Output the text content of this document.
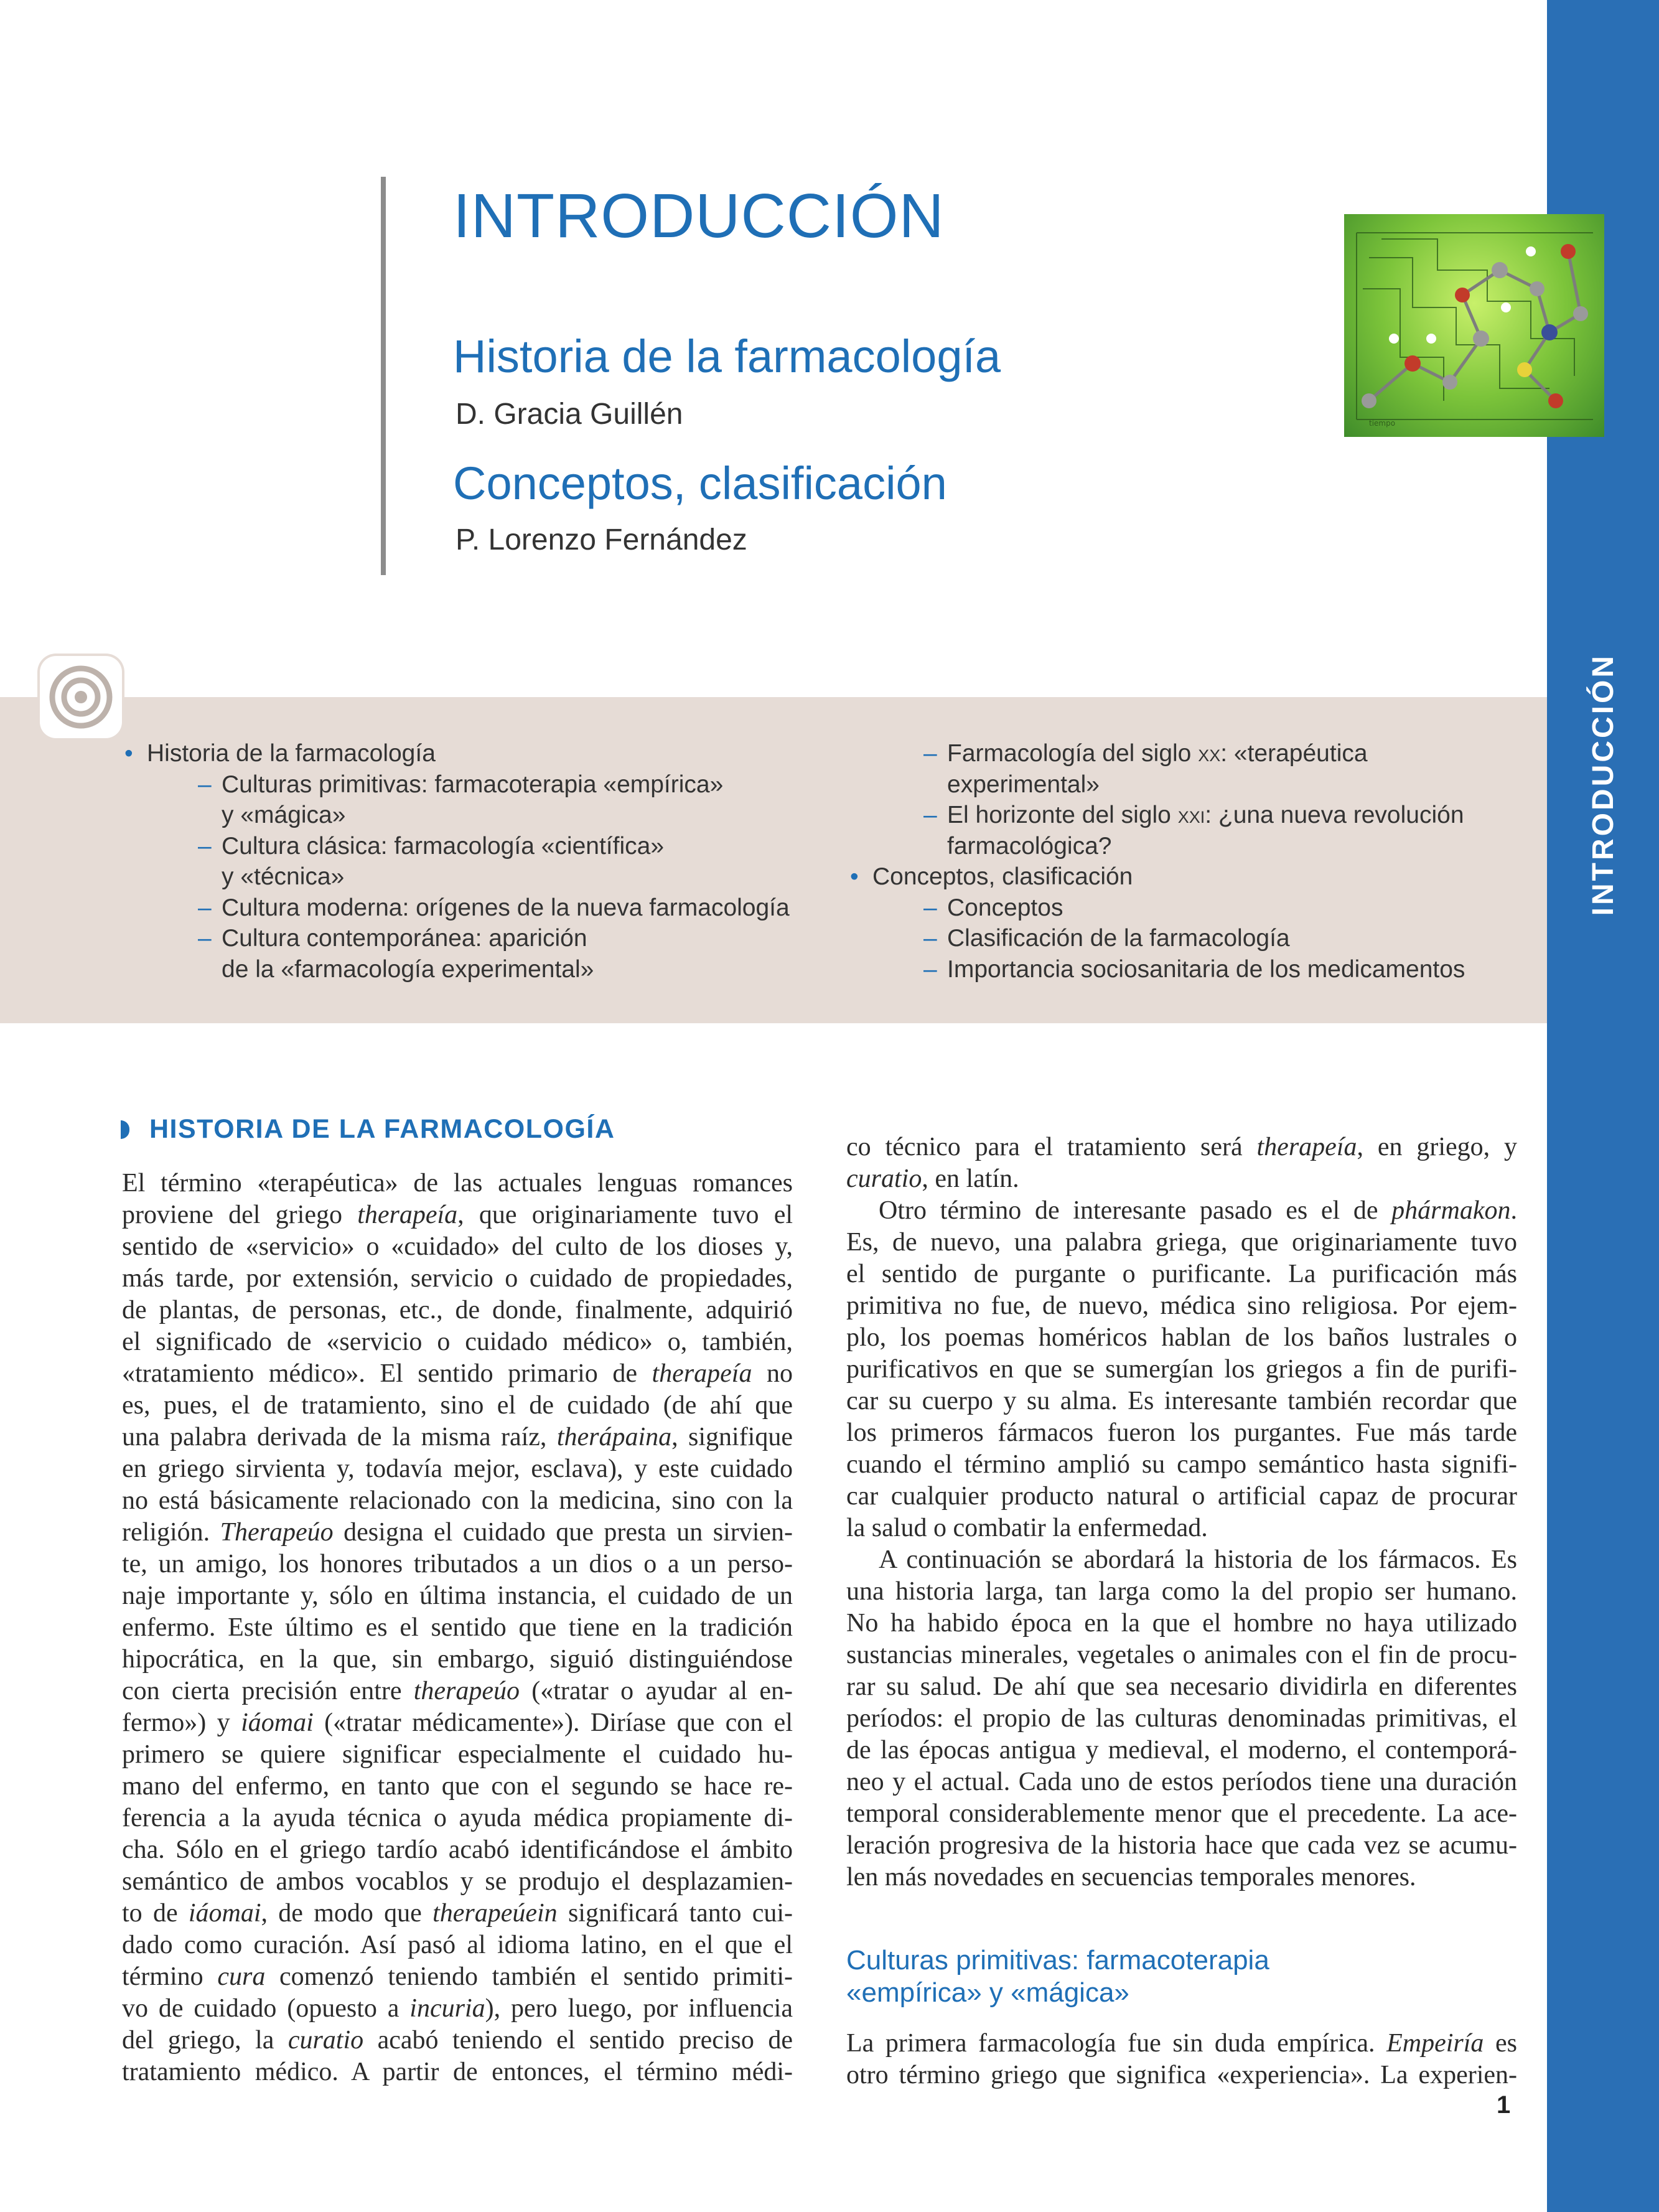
INTRODUCCIÓN
INTRODUCCIÓN
Historia de la farmacología
D. Gracia Guillén
Conceptos, clasificación
P. Lorenzo Fernández
tiempo
• Historia de la farmacología
– Culturas primitivas: farmacoterapia «empírica»
y «mágica»
– Cultura clásica: farmacología «científica»
y «técnica»
– Cultura moderna: orígenes de la nueva farmacología
– Cultura contemporánea: aparición
de la «farmacología experimental»
– Farmacología del siglo xx: «terapéutica
experimental»
– El horizonte del siglo xxi: ¿una nueva revolución
farmacológica?
• Conceptos, clasificación
– Conceptos
– Clasificación de la farmacología
– Importancia sociosanitaria de los medicamentos
HISTORIA DE LA FARMACOLOGÍA
El término «terapéutica» de las actuales lenguas romances
proviene del griego therapeía, que originariamente tuvo el
sentido de «servicio» o «cuidado» del culto de los dioses y,
más tarde, por extensión, servicio o cuidado de propiedades,
de plantas, de personas, etc., de donde, finalmente, adquirió
el significado de «servicio o cuidado médico» o, también,
«tratamiento médico». El sentido primario de therapeía no
es, pues, el de tratamiento, sino el de cuidado (de ahí que
una palabra derivada de la misma raíz, therápaina, signifique
en griego sirvienta y, todavía mejor, esclava), y este cuidado
no está básicamente relacionado con la medicina, sino con la
religión. Therapeúo designa el cuidado que presta un sirvien-
te, un amigo, los honores tributados a un dios o a un perso-
naje importante y, sólo en última instancia, el cuidado de un
enfermo. Este último es el sentido que tiene en la tradición
hipocrática, en la que, sin embargo, siguió distinguiéndose
con cierta precisión entre therapeúo («tratar o ayudar al en-
fermo») y iáomai («tratar médicamente»). Diríase que con el
primero se quiere significar especialmente el cuidado hu-
mano del enfermo, en tanto que con el segundo se hace re-
ferencia a la ayuda técnica o ayuda médica propiamente di-
cha. Sólo en el griego tardío acabó identificándose el ámbito
semántico de ambos vocablos y se produjo el desplazamien-
to de iáomai, de modo que therapeúein significará tanto cui-
dado como curación. Así pasó al idioma latino, en el que el
término cura comenzó teniendo también el sentido primiti-
vo de cuidado (opuesto a incuria), pero luego, por influencia
del griego, la curatio acabó teniendo el sentido preciso de
tratamiento médico. A partir de entonces, el término médi-
co técnico para el tratamiento será therapeía, en griego, y
curatio, en latín.
Otro término de interesante pasado es el de phármakon.
Es, de nuevo, una palabra griega, que originariamente tuvo
el sentido de purgante o purificante. La purificación más
primitiva no fue, de nuevo, médica sino religiosa. Por ejem-
plo, los poemas homéricos hablan de los baños lustrales o
purificativos en que se sumergían los griegos a fin de purifi-
car su cuerpo y su alma. Es interesante también recordar que
los primeros fármacos fueron los purgantes. Fue más tarde
cuando el término amplió su campo semántico hasta signifi-
car cualquier producto natural o artificial capaz de procurar
la salud o combatir la enfermedad.
A continuación se abordará la historia de los fármacos. Es
una historia larga, tan larga como la del propio ser humano.
No ha habido época en la que el hombre no haya utilizado
sustancias minerales, vegetales o animales con el fin de procu-
rar su salud. De ahí que sea necesario dividirla en diferentes
períodos: el propio de las culturas denominadas primitivas, el
de las épocas antigua y medieval, el moderno, el contemporá-
neo y el actual. Cada uno de estos períodos tiene una duración
temporal considerablemente menor que el precedente. La ace-
leración progresiva de la historia hace que cada vez se acumu-
len más novedades en secuencias temporales menores.
Culturas primitivas: farmacoterapia
«empírica» y «mágica»
La primera farmacología fue sin duda empírica. Empeiría es
otro término griego que significa «experiencia». La experien-
1
